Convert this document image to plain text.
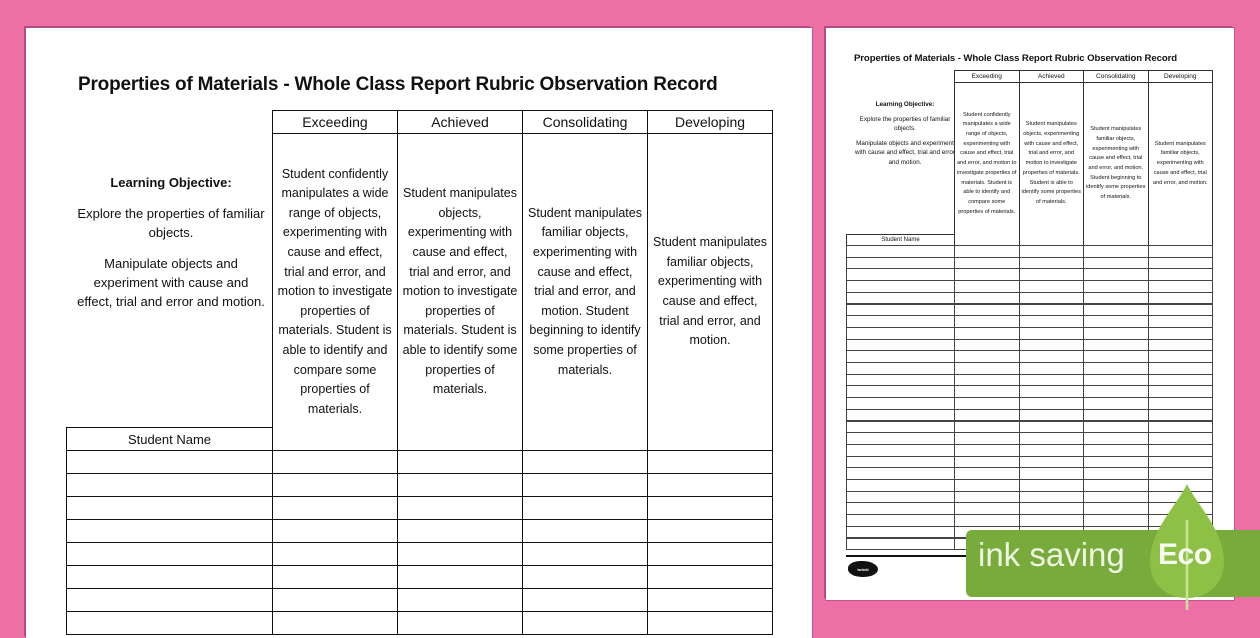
Properties of Materials - Whole Class Report Rubric Observation Record
Learning Objective:

Explore the properties of familiar objects.

Manipulate objects and experiment with cause and effect, trial and error and motion.

Exceeding
Student confidently manipulates a wide range of objects, experimenting with cause and effect, trial and error, and motion to investigate properties of materials. Student is able to identify and compare some properties of materials.
Achieved
Student manipulates objects, experimenting with cause and effect, trial and error, and motion to investigate properties of materials. Student is able to identify some properties of materials.
Consolidating
Student manipulates familiar objects, experimenting with cause and effect, trial and error, and motion. Student beginning to identify some properties of materials.
Developing
Student manipulates familiar objects, experimenting with cause and effect, trial and error, and motion.
Student Name
Properties of Materials - Whole Class Report Rubric Observation Record
Learning Objective:

Explore the properties of familiar objects.

Manipulate objects and experiment with cause and effect, trial and error and motion.

Exceeding
Student confidently manipulates a wide range of objects, experimenting with cause and effect, trial and error, and motion to investigate properties of materials. Student is able to identify and compare some properties of materials.
Achieved
Student manipulates objects, experimenting with cause and effect, trial and error, and motion to investigate properties of materials. Student is able to identify some properties of materials.
Consolidating
Student manipulates familiar objects, experimenting with cause and effect, trial and error, and motion. Student beginning to identify some properties of materials.
Developing
Student manipulates familiar objects, experimenting with cause and effect, trial and error, and motion.
Student Name
twinkl	ink saving Eco
